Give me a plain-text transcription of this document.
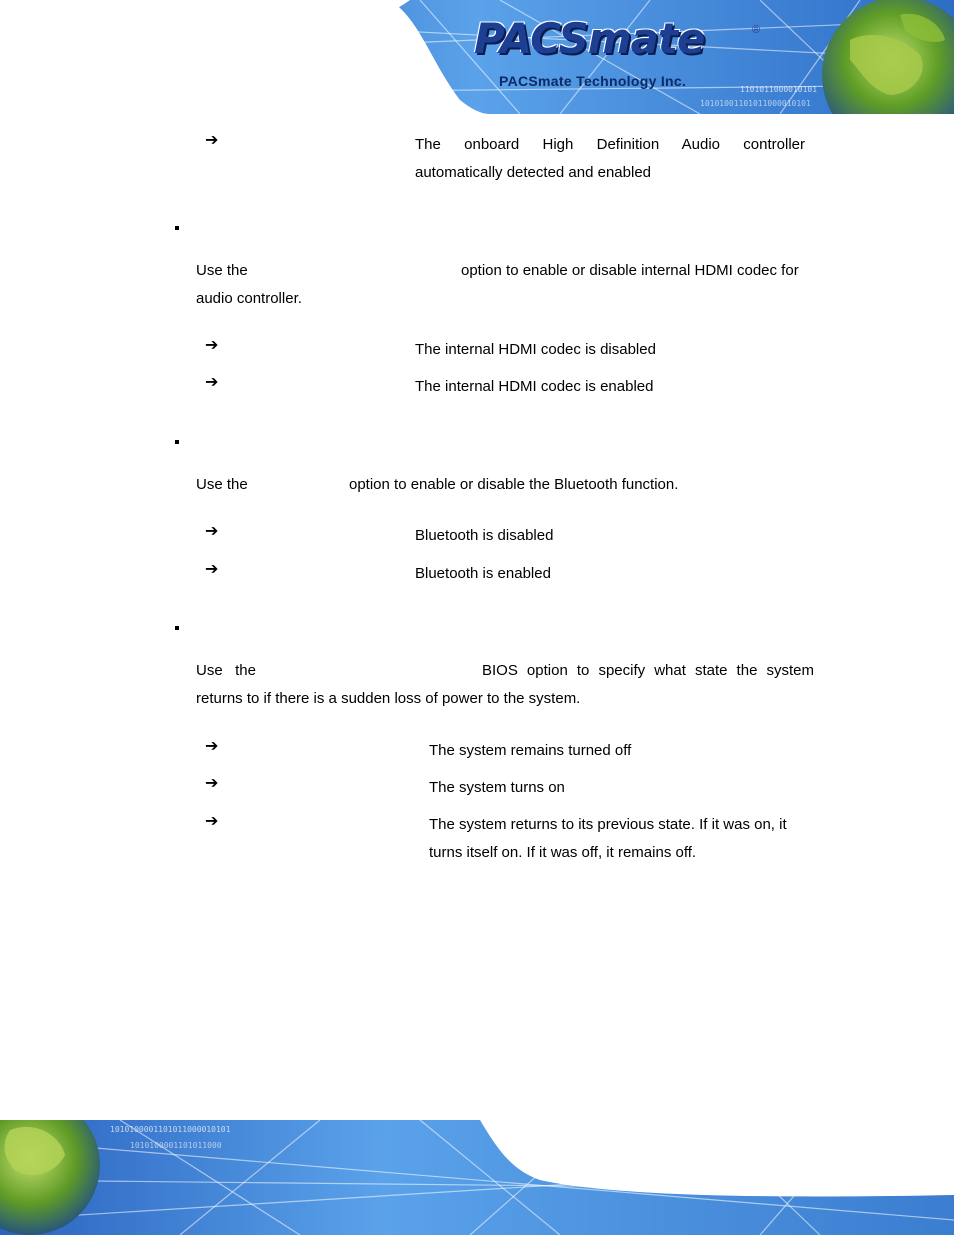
1101011000010101
10101001101011000010101
PACSmate	®
PACSmate Technology Inc.
➔	The onboard High Definition Audio controller
automatically detected and enabled
Use the	option to enable or disable internal HDMI codec for
audio controller.
➔	The internal HDMI codec is disabled
➔	The internal HDMI codec is enabled
Use the	option to enable or disable the Bluetooth function.
➔	Bluetooth is disabled
➔	Bluetooth is enabled
Use the	BIOS option to specify what state the system
returns to if there is a sudden loss of power to the system.
➔	The system remains turned off
➔	The system turns on
➔	The system returns to its previous state. If it was on, it
turns itself on. If it was off, it remains off.
1010100001101011000010101
1010100001101011000
